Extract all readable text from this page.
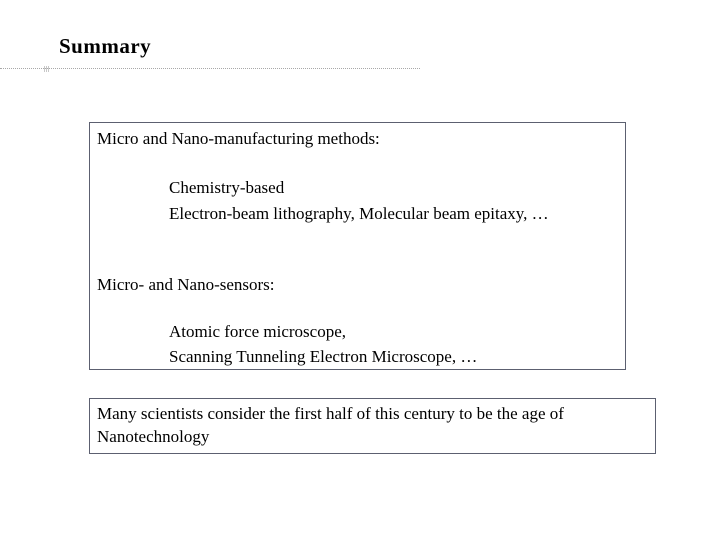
Summary
Micro and Nano-manufacturing methods:
Chemistry-based
Electron-beam lithography, Molecular beam epitaxy, …
Micro- and Nano-sensors:
Atomic force microscope,
Scanning Tunneling Electron Microscope, …
Many scientists consider the first half of this century to be the age of Nanotechnology
